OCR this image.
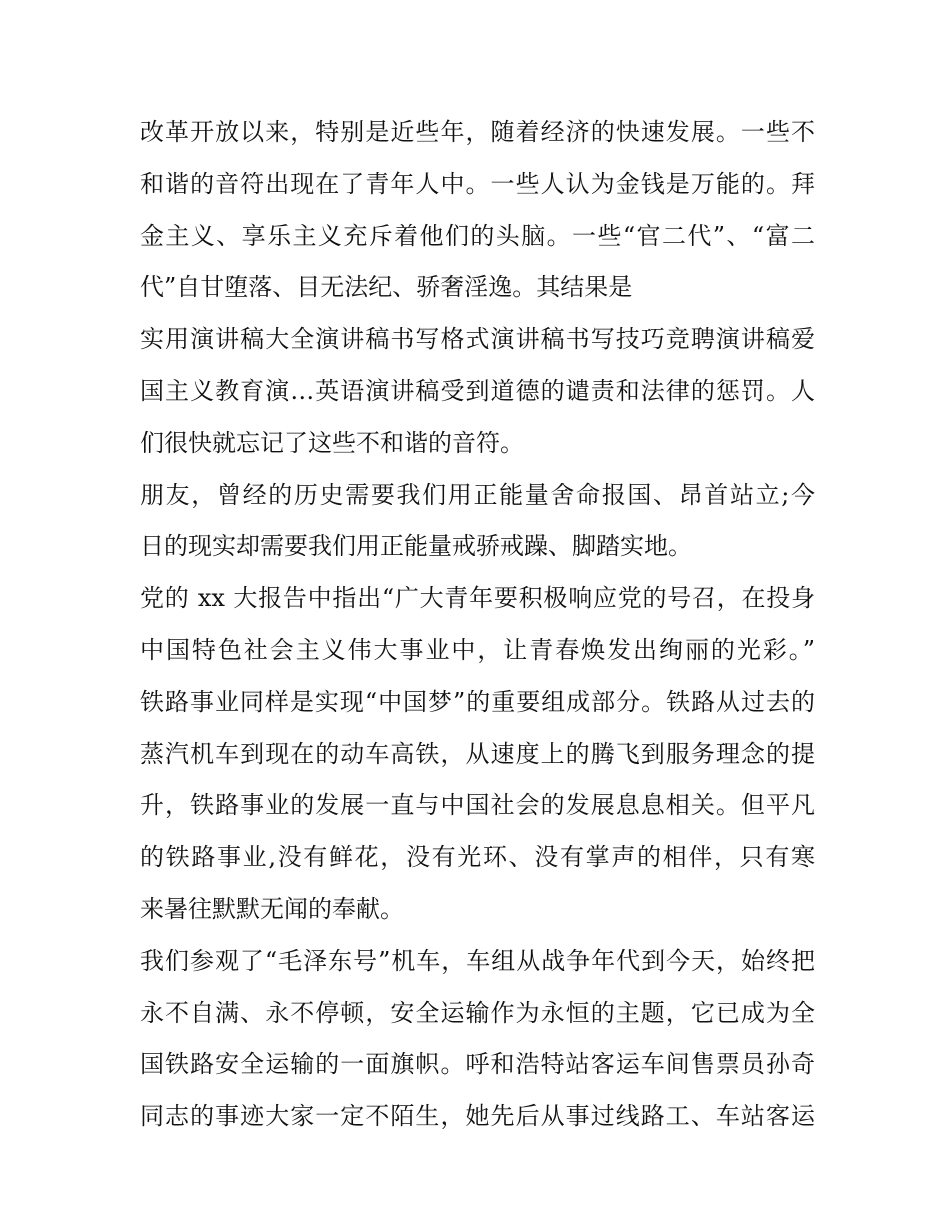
改革开放以来，特别是近些年，随着经济的快速发展。一些不
和谐的音符出现在了青年人中。一些人认为金钱是万能的。拜
金主义、享乐主义充斥着他们的头脑。一些“官二代”、“富二
代”自甘堕落、目无法纪、骄奢淫逸。其结果是
实用演讲稿大全演讲稿书写格式演讲稿书写技巧竞聘演讲稿爱
国主义教育演…英语演讲稿受到道德的谴责和法律的惩罚。人
们很快就忘记了这些不和谐的音符。
朋友，曾经的历史需要我们用正能量舍命报国、昂首站立;今
日的现实却需要我们用正能量戒骄戒躁、脚踏实地。
党的 xx 大报告中指出“广大青年要积极响应党的号召，在投身
中国特色社会主义伟大事业中，让青春焕发出绚丽的光彩。”
铁路事业同样是实现“中国梦”的重要组成部分。铁路从过去的
蒸汽机车到现在的动车高铁，从速度上的腾飞到服务理念的提
升，铁路事业的发展一直与中国社会的发展息息相关。但平凡
的铁路事业,没有鲜花，没有光环、没有掌声的相伴，只有寒
来暑往默默无闻的奉献。
我们参观了“毛泽东号”机车，车组从战争年代到今天，始终把
永不自满、永不停顿，安全运输作为永恒的主题，它已成为全
国铁路安全运输的一面旗帜。呼和浩特站客运车间售票员孙奇
同志的事迹大家一定不陌生，她先后从事过线路工、车站客运
